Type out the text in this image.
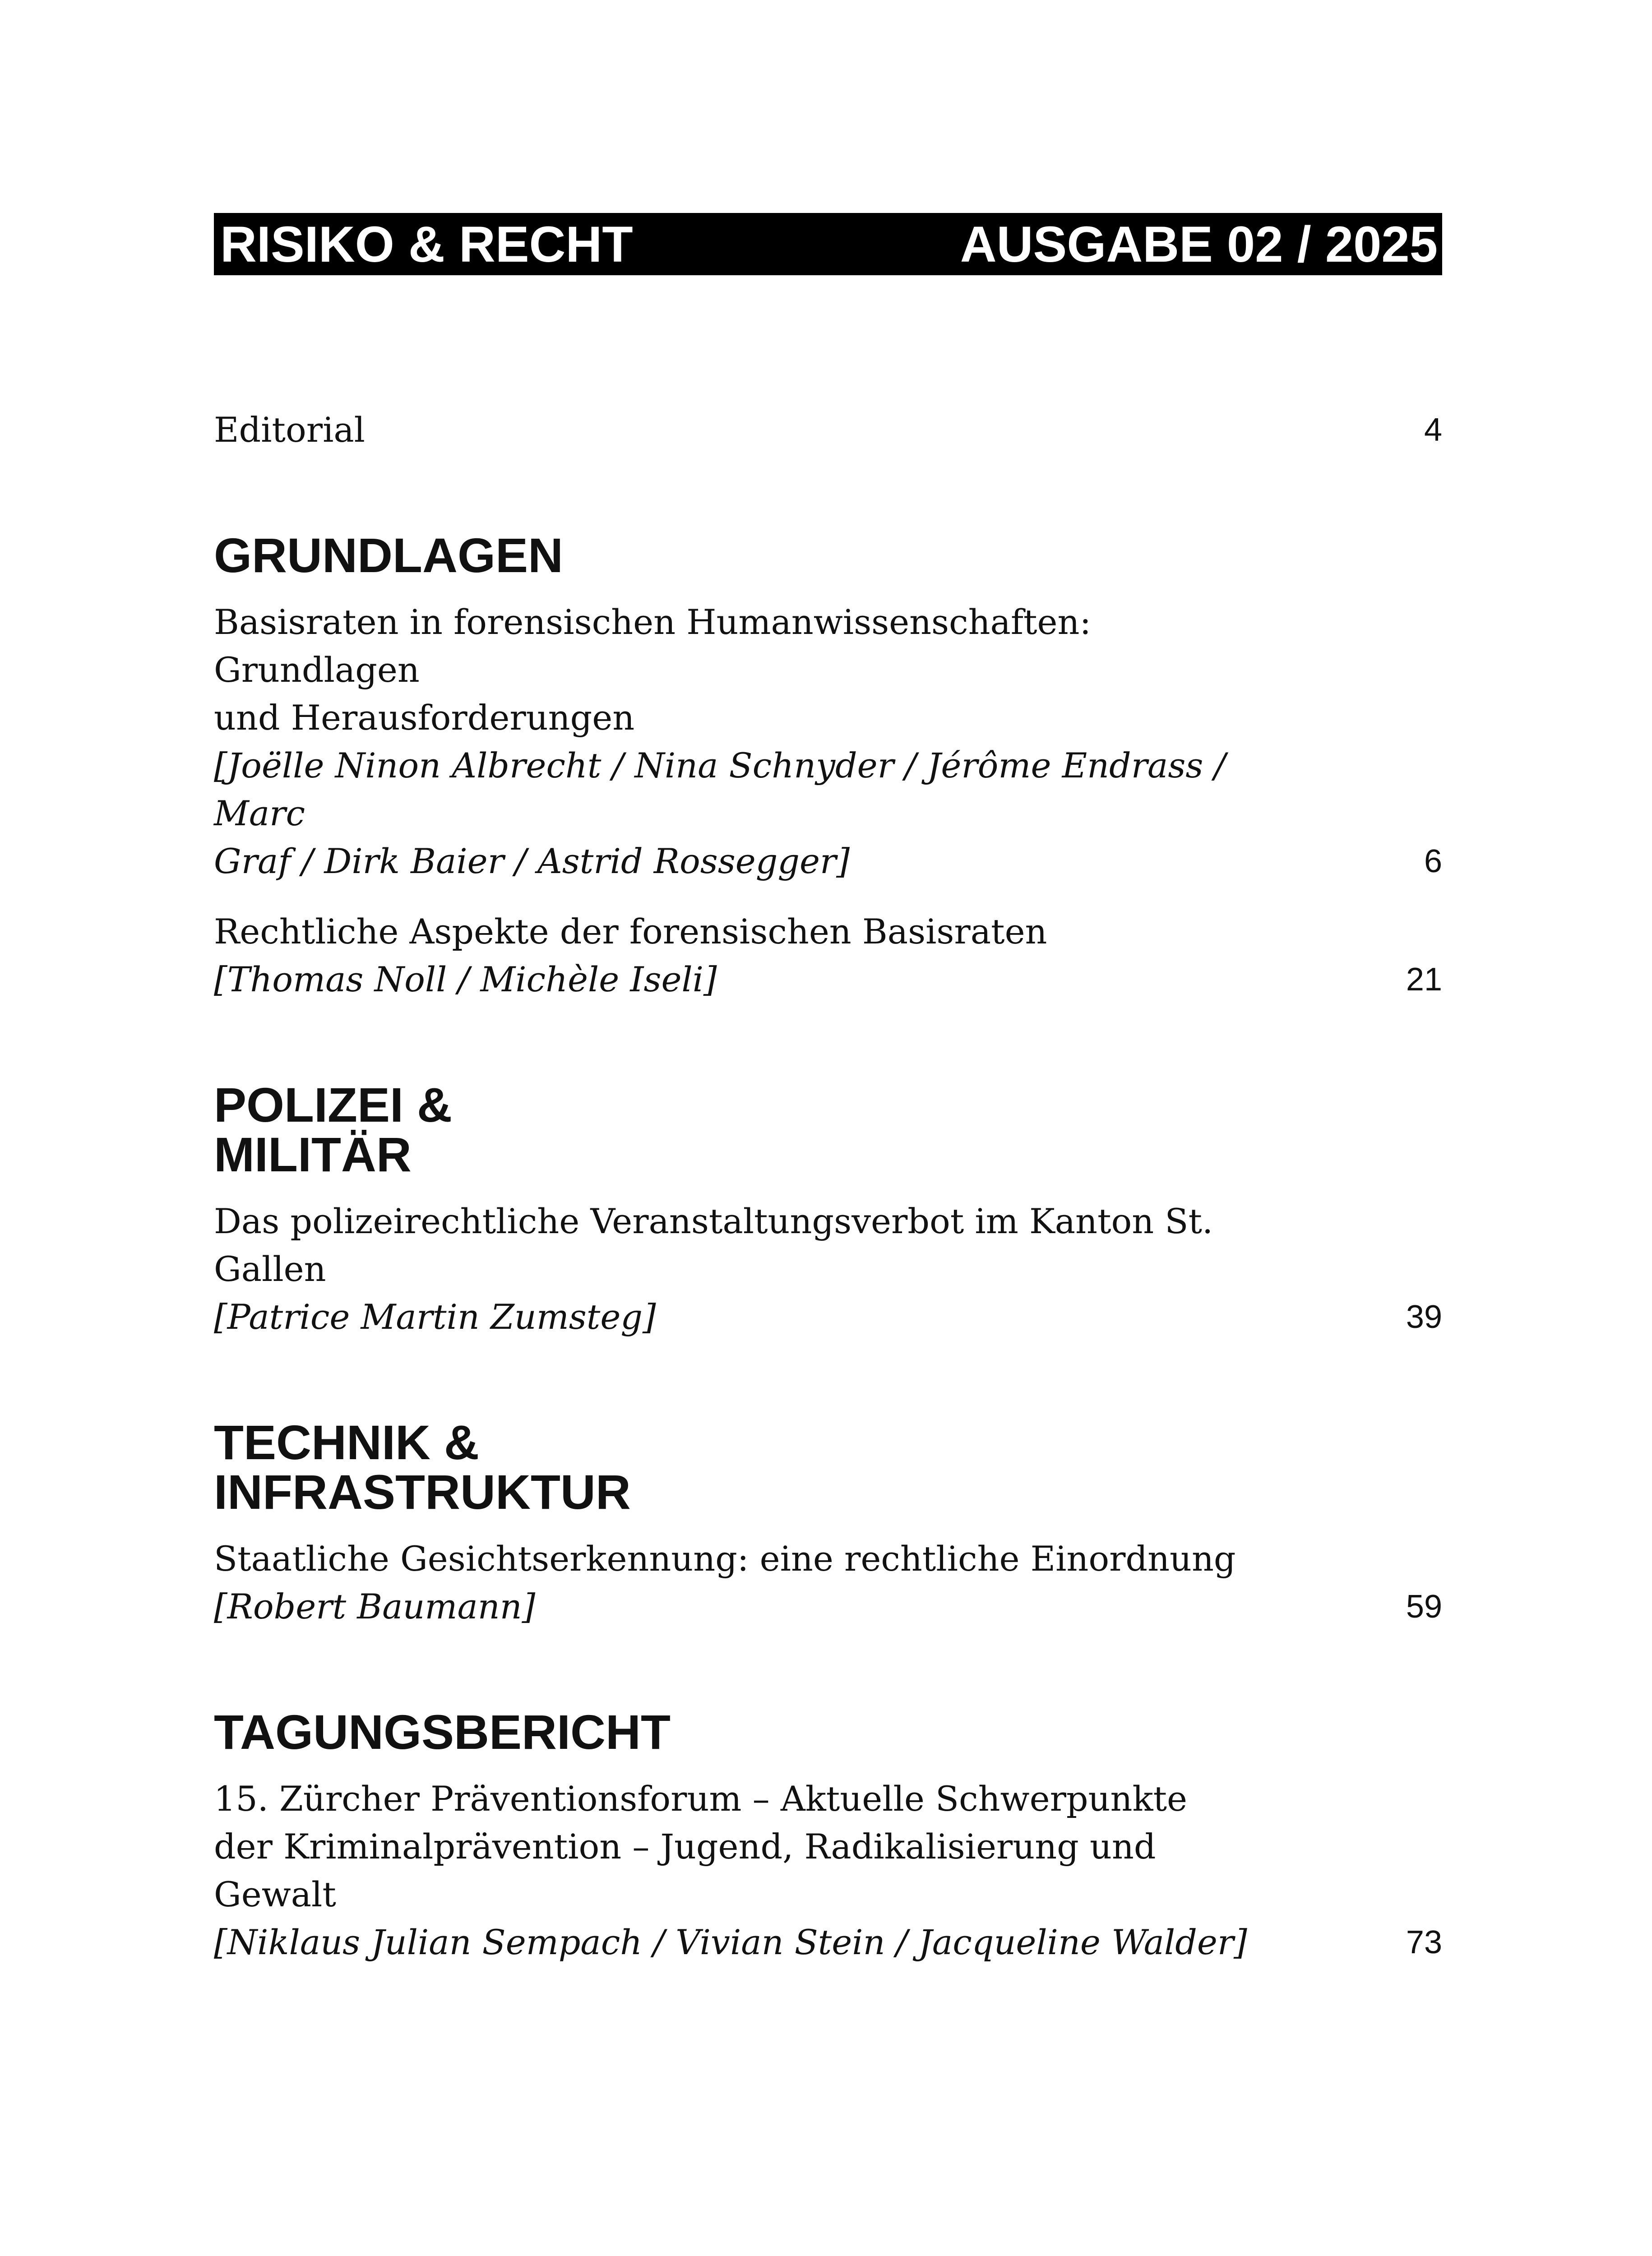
RISIKO & RECHT	AUSGABE 02 / 2025
Editorial	4
GRUNDLAGEN
Basisraten in forensischen Humanwissenschaften: Grundlagen
und Herausforderungen
[Joëlle Ninon Albrecht / Nina Schnyder / Jérôme Endrass / Marc
Graf / Dirk Baier / Astrid Rossegger]	6
Rechtliche Aspekte der forensischen Basisraten
[Thomas Noll / Michèle Iseli]	21
POLIZEI &
MILITÄR
Das polizeirechtliche Veranstaltungsverbot im Kanton St. Gallen
[Patrice Martin Zumsteg]	39
TECHNIK &
INFRASTRUKTUR
Staatliche Gesichtserkennung: eine rechtliche Einordnung
[Robert Baumann]	59
TAGUNGSBERICHT
15. Zürcher Präventionsforum – Aktuelle Schwerpunkte
der Kriminalprävention – Jugend, Radikalisierung und Gewalt
[Niklaus Julian Sempach / Vivian Stein / Jacqueline Walder]	73
